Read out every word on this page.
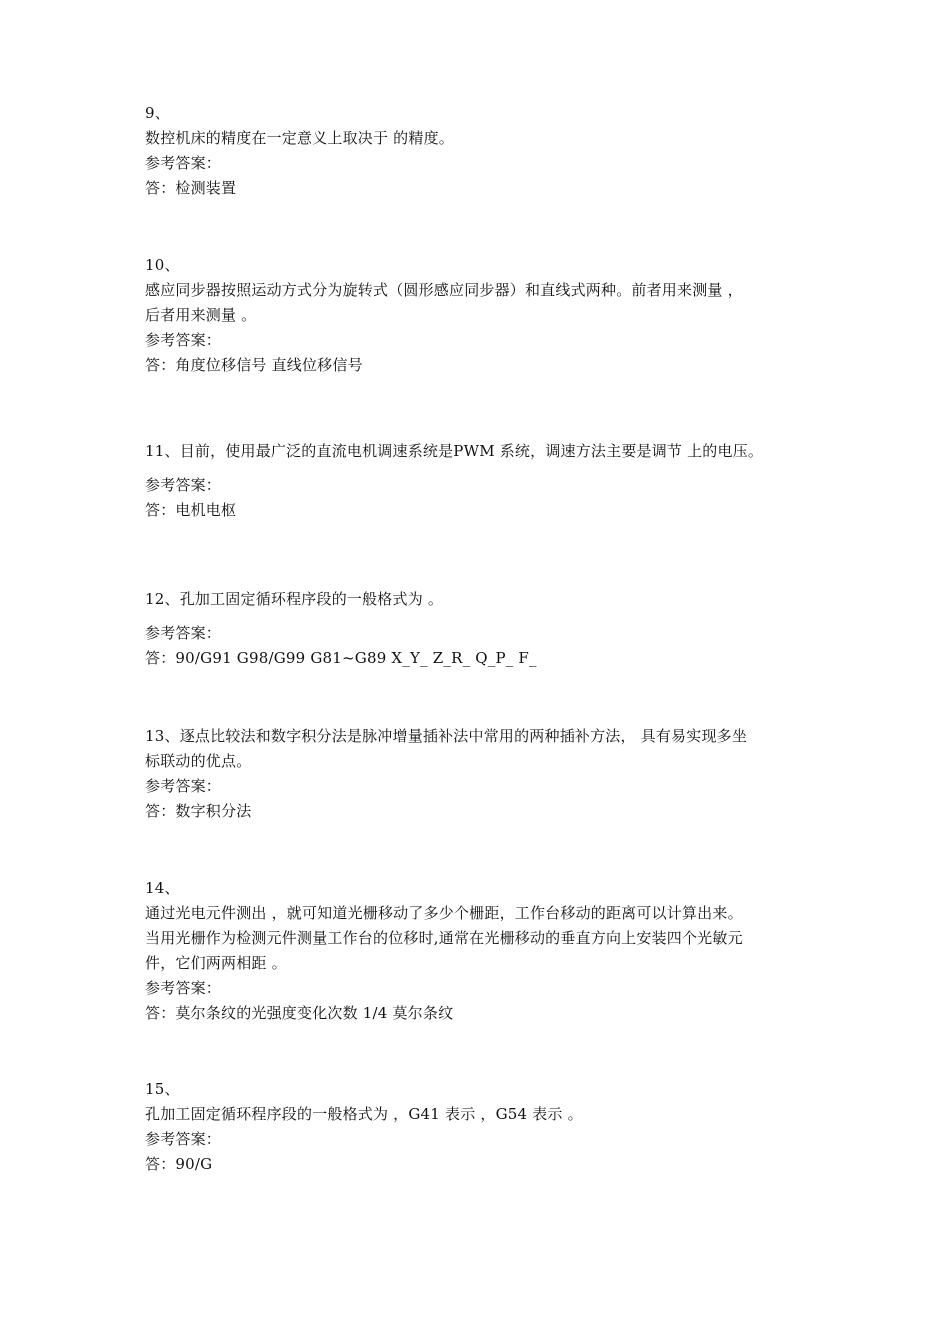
9、
数控机床的精度在一定意义上取决于 的精度。
参考答案：
答：检测装置
10、
感应同步器按照运动方式分为旋转式（圆形感应同步器）和直线式两种。前者用来测量 ，
后者用来测量 。
参考答案：
答：角度位移信号 直线位移信号
11、目前，使用最广泛的直流电机调速系统是PWM 系统，调速方法主要是调节 上的电压。
参考答案：
答：电机电枢
12、孔加工固定循环程序段的一般格式为 。
参考答案：
答：90/G91 G98/G99 G81~G89 X_Y_ Z_R_ Q_P_ F_
13、逐点比较法和数字积分法是脉冲增量插补法中常用的两种插补方法， 具有易实现多坐
标联动的优点。
参考答案：
答：数字积分法
14、
通过光电元件测出 ，就可知道光栅移动了多少个栅距，工作台移动的距离可以计算出来。
当用光栅作为检测元件测量工作台的位移时,通常在光栅移动的垂直方向上安装四个光敏元
件，它们两两相距 。
参考答案：
答：莫尔条纹的光强度变化次数 1/4 莫尔条纹
15、
孔加工固定循环程序段的一般格式为 ，G41 表示 ，G54 表示 。
参考答案：
答：90/G
